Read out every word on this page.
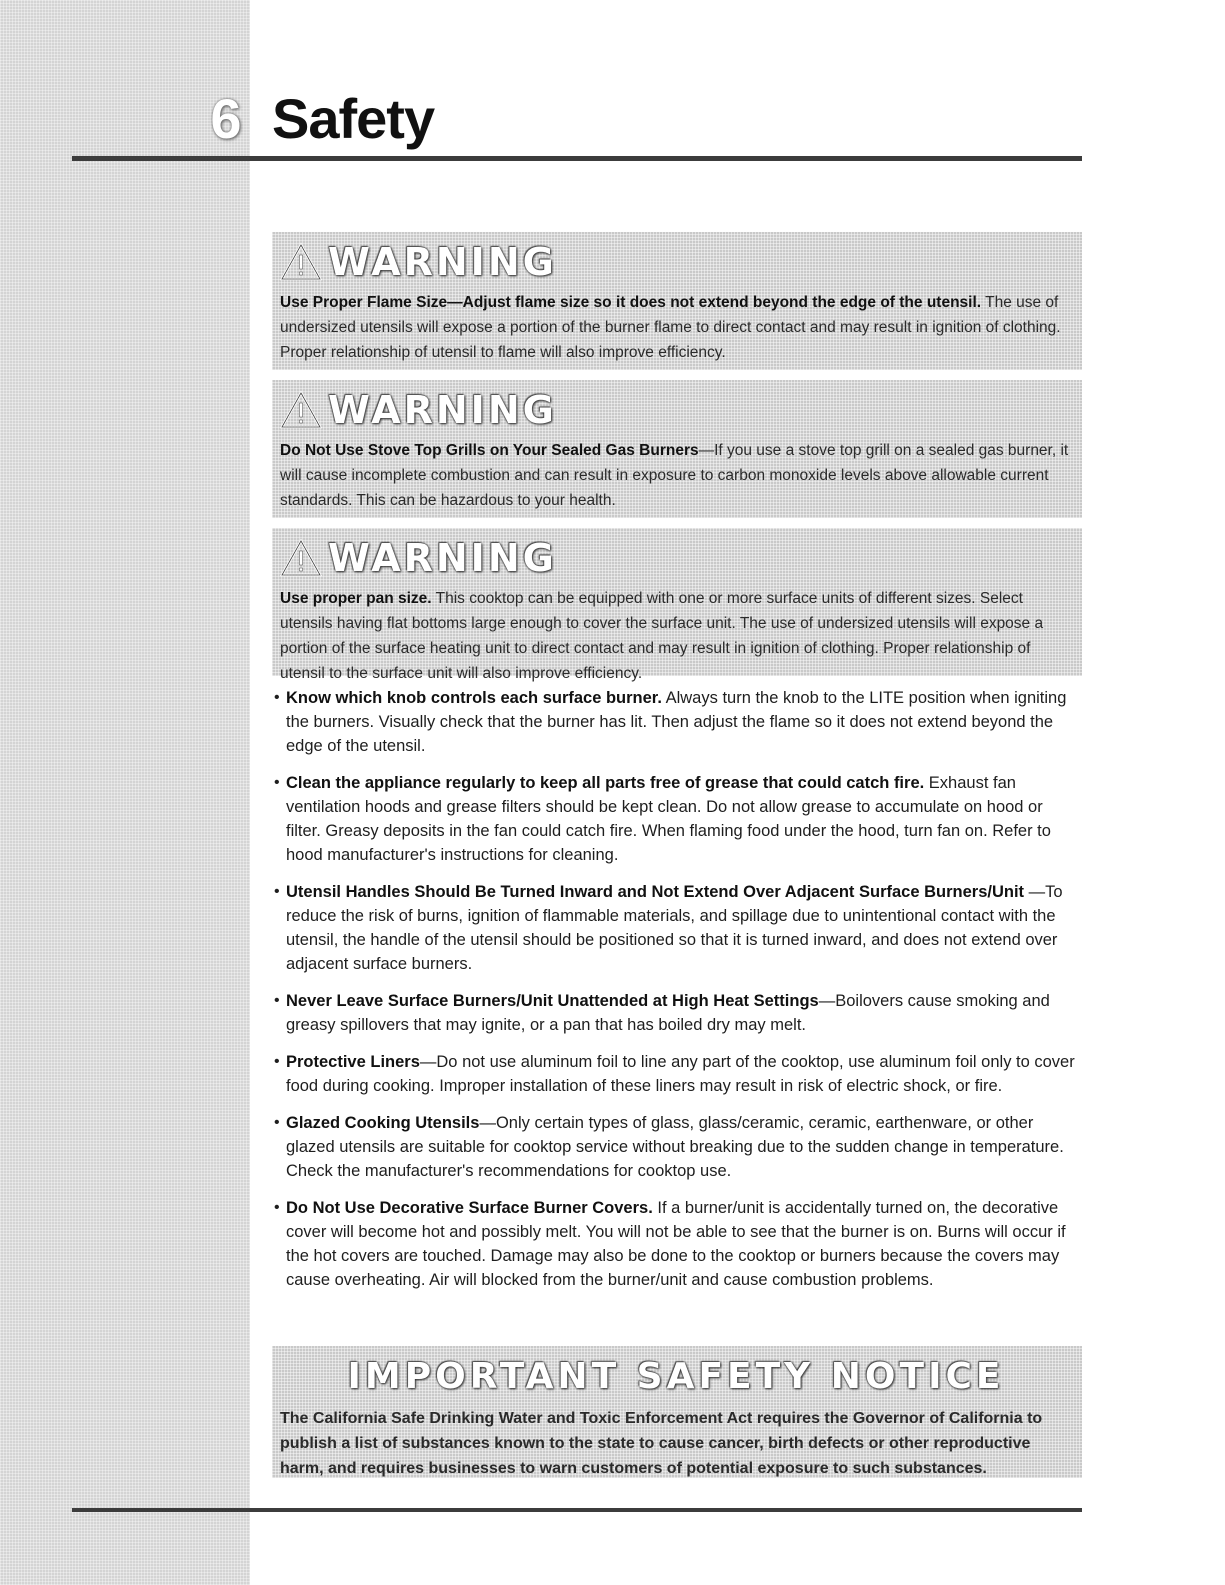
6 Safety
WARNING
Use Proper Flame Size—Adjust flame size so it does not extend beyond the edge of the utensil. The use of undersized utensils will expose a portion of the burner flame to direct contact and may result in ignition of clothing. Proper relationship of utensil to flame will also improve efficiency.
WARNING
Do Not Use Stove Top Grills on Your Sealed Gas Burners—If you use a stove top grill on a sealed gas burner, it will cause incomplete combustion and can result in exposure to carbon monoxide levels above allowable current standards. This can be hazardous to your health.
WARNING
Use proper pan size. This cooktop can be equipped with one or more surface units of different sizes. Select utensils having flat bottoms large enough to cover the surface unit. The use of undersized utensils will expose a portion of the surface heating unit to direct contact and may result in ignition of clothing. Proper relationship of utensil to the surface unit will also improve efficiency.
• Know which knob controls each surface burner. Always turn the knob to the LITE position when igniting the burners. Visually check that the burner has lit. Then adjust the flame so it does not extend beyond the edge of the utensil.
• Clean the appliance regularly to keep all parts free of grease that could catch fire. Exhaust fan ventilation hoods and grease filters should be kept clean. Do not allow grease to accumulate on hood or filter. Greasy deposits in the fan could catch fire. When flaming food under the hood, turn fan on. Refer to hood manufacturer's instructions for cleaning.
• Utensil Handles Should Be Turned Inward and Not Extend Over Adjacent Surface Burners/Unit —To reduce the risk of burns, ignition of flammable materials, and spillage due to unintentional contact with the utensil, the handle of the utensil should be positioned so that it is turned inward, and does not extend over adjacent surface burners.
• Never Leave Surface Burners/Unit Unattended at High Heat Settings—Boilovers cause smoking and greasy spillovers that may ignite, or a pan that has boiled dry may melt.
• Protective Liners—Do not use aluminum foil to line any part of the cooktop, use aluminum foil only to cover food during cooking. Improper installation of these liners may result in risk of electric shock, or fire.
• Glazed Cooking Utensils—Only certain types of glass, glass/ceramic, ceramic, earthenware, or other glazed utensils are suitable for cooktop service without breaking due to the sudden change in temperature. Check the manufacturer's recommendations for cooktop use.
• Do Not Use Decorative Surface Burner Covers. If a burner/unit is accidentally turned on, the decorative cover will become hot and possibly melt. You will not be able to see that the burner is on. Burns will occur if the hot covers are touched. Damage may also be done to the cooktop or burners because the covers may cause overheating. Air will blocked from the burner/unit and cause combustion problems.
IMPORTANT SAFETY NOTICE
The California Safe Drinking Water and Toxic Enforcement Act requires the Governor of California to publish a list of substances known to the state to cause cancer, birth defects or other reproductive harm, and requires businesses to warn customers of potential exposure to such substances.
